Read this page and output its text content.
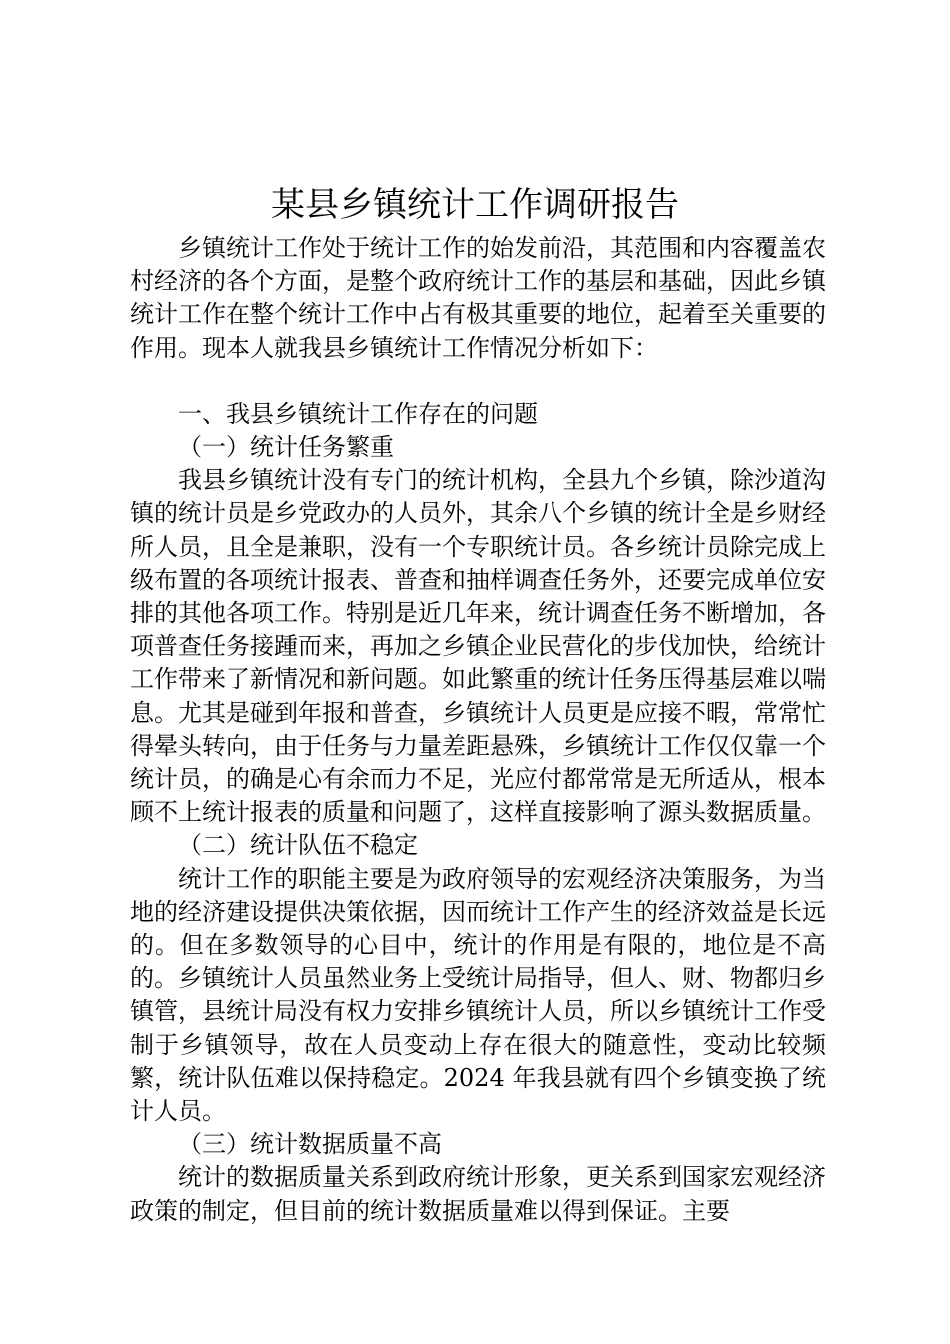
某县乡镇统计工作调研报告

乡镇统计工作处于统计工作的始发前沿，其范围和内容覆盖农村经济的各个方面，是整个政府统计工作的基层和基础，因此乡镇统计工作在整个统计工作中占有极其重要的地位，起着至关重要的作用。现本人就我县乡镇统计工作情况分析如下：

一、我县乡镇统计工作存在的问题
（一）统计任务繁重

我县乡镇统计没有专门的统计机构，全县九个乡镇，除沙道沟镇的统计员是乡党政办的人员外，其余八个乡镇的统计全是乡财经所人员，且全是兼职，没有一个专职统计员。各乡统计员除完成上级布置的各项统计报表、普查和抽样调查任务外，还要完成单位安排的其他各项工作。特别是近几年来，统计调查任务不断增加，各项普查任务接踵而来，再加之乡镇企业民营化的步伐加快，给统计工作带来了新情况和新问题。如此繁重的统计任务压得基层难以喘息。尤其是碰到年报和普查，乡镇统计人员更是应接不暇，常常忙得晕头转向，由于任务与力量差距悬殊，乡镇统计工作仅仅靠一个统计员，的确是心有余而力不足，光应付都常常是无所适从，根本顾不上统计报表的质量和问题了，这样直接影响了源头数据质量。

（二）统计队伍不稳定

统计工作的职能主要是为政府领导的宏观经济决策服务，为当地的经济建设提供决策依据，因而统计工作产生的经济效益是长远的。但在多数领导的心目中，统计的作用是有限的，地位是不高的。乡镇统计人员虽然业务上受统计局指导，但人、财、物都归乡镇管，县统计局没有权力安排乡镇统计人员，所以乡镇统计工作受制于乡镇领导，故在人员变动上存在很大的随意性，变动比较频繁，统计队伍难以保持稳定。2024 年我县就有四个乡镇变换了统计人员。

（三）统计数据质量不高

统计的数据质量关系到政府统计形象，更关系到国家宏观经济政策的制定，但目前的统计数据质量难以得到保证。主要
